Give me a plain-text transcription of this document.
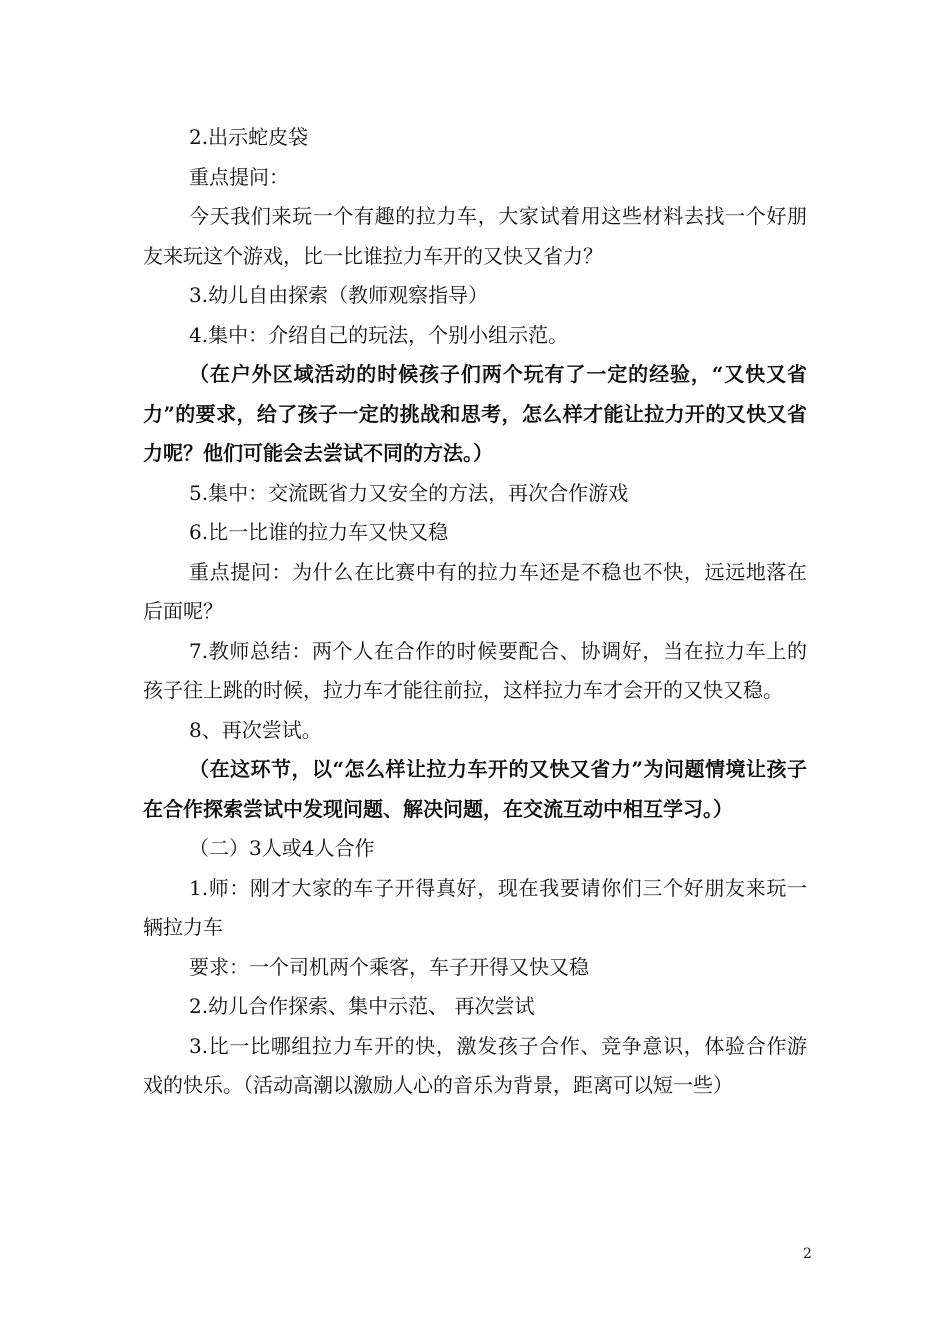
2.出示蛇皮袋

重点提问：

今天我们来玩一个有趣的拉力车，大家试着用这些材料去找一个好朋友来玩这个游戏，比一比谁拉力车开的又快又省力？

3.幼儿自由探索（教师观察指导）

4.集中：介绍自己的玩法，个别小组示范。

（在户外区域活动的时候孩子们两个玩有了一定的经验，“又快又省力”的要求，给了孩子一定的挑战和思考，怎么样才能让拉力开的又快又省力呢？他们可能会去尝试不同的方法。）

5.集中：交流既省力又安全的方法，再次合作游戏

6.比一比谁的拉力车又快又稳

重点提问：为什么在比赛中有的拉力车还是不稳也不快，远远地落在后面呢？

7.教师总结：两个人在合作的时候要配合、协调好，当在拉力车上的孩子往上跳的时候，拉力车才能往前拉，这样拉力车才会开的又快又稳。

8、再次尝试。

（在这环节，以“怎么样让拉力车开的又快又省力”为问题情境让孩子在合作探索尝试中发现问题、解决问题，在交流互动中相互学习。）

（二）3人或4人合作

1.师：刚才大家的车子开得真好，现在我要请你们三个好朋友来玩一辆拉力车

要求：一个司机两个乘客，车子开得又快又稳

2.幼儿合作探索、集中示范、 再次尝试

3.比一比哪组拉力车开的快，激发孩子合作、竞争意识，体验合作游戏的快乐。（活动高潮以激励人心的音乐为背景，距离可以短一些）

2
